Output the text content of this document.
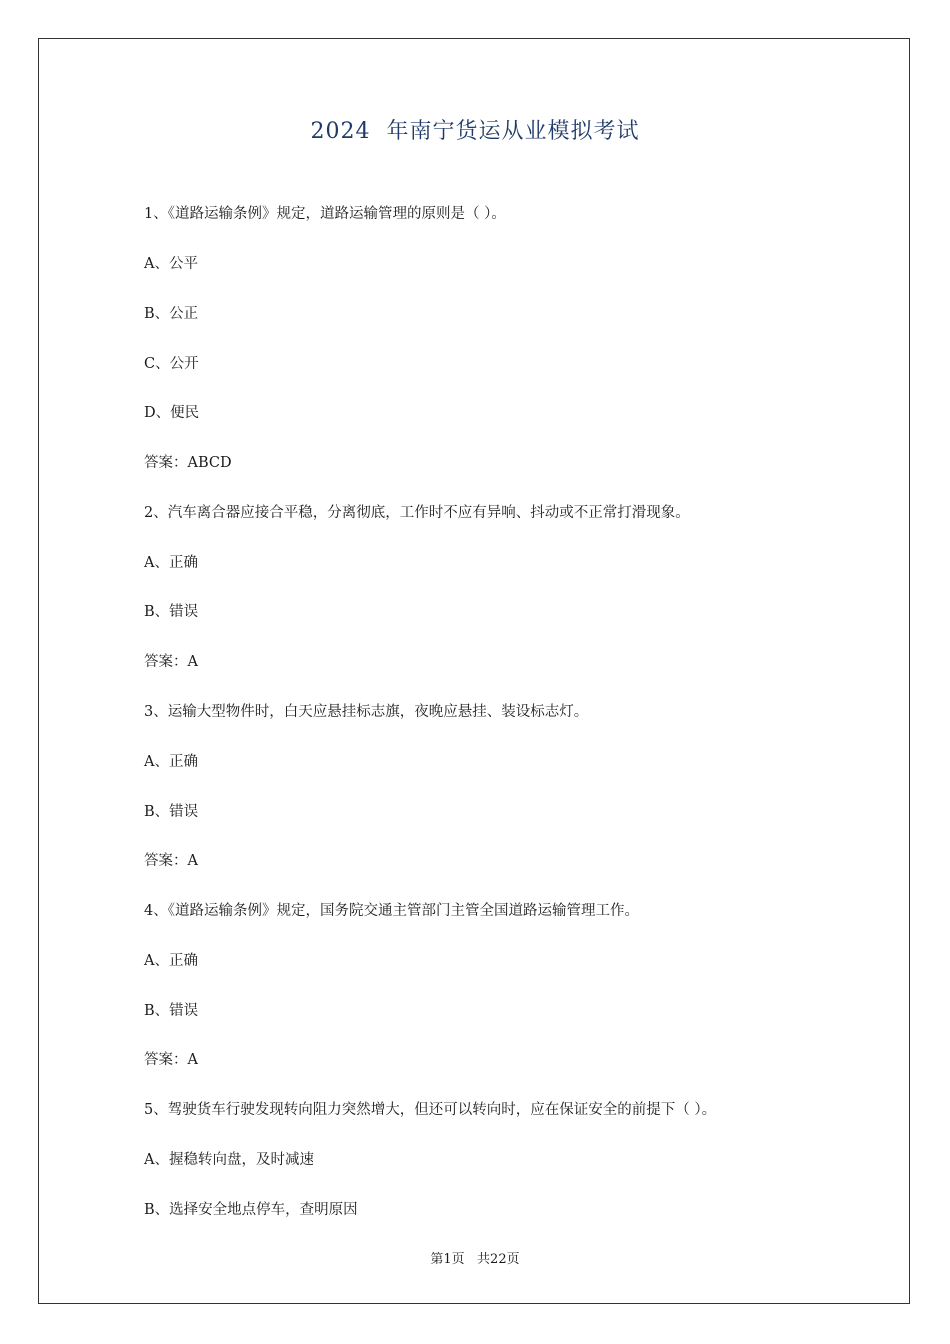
2024  年南宁货运从业模拟考试
1、《道路运输条例》规定，道路运输管理的原则是（ ）。
A、公平
B、公正
C、公开
D、便民
答案：ABCD
2、汽车离合器应接合平稳，分离彻底，工作时不应有异响、抖动或不正常打滑现象。
A、正确
B、错误
答案：A
3、运输大型物件时，白天应悬挂标志旗，夜晚应悬挂、装设标志灯。
A、正确
B、错误
答案：A
4、《道路运输条例》规定，国务院交通主管部门主管全国道路运输管理工作。
A、正确
B、错误
答案：A
5、驾驶货车行驶发现转向阻力突然增大，但还可以转向时，应在保证安全的前提下（ ）。
A、握稳转向盘，及时减速
B、选择安全地点停车，查明原因
第1页   共22页
